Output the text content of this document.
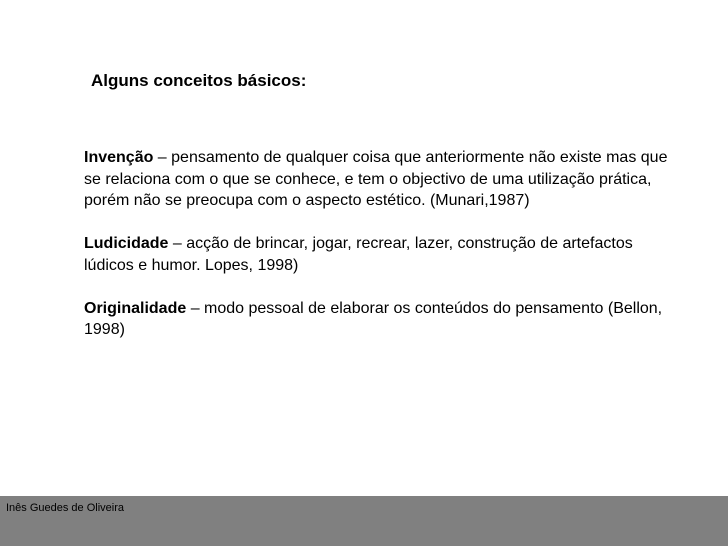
Alguns conceitos básicos:

Invenção – pensamento de qualquer coisa que anteriormente não existe mas que se relaciona com o que se conhece, e tem o objectivo de uma utilização prática, porém não se preocupa com o aspecto estético. (Munari,1987)

Ludicidade – acção de brincar, jogar, recrear, lazer, construção de artefactos lúdicos e humor. Lopes, 1998)

Originalidade – modo pessoal de elaborar os conteúdos do pensamento (Bellon, 1998)

Inês Guedes de Oliveira
